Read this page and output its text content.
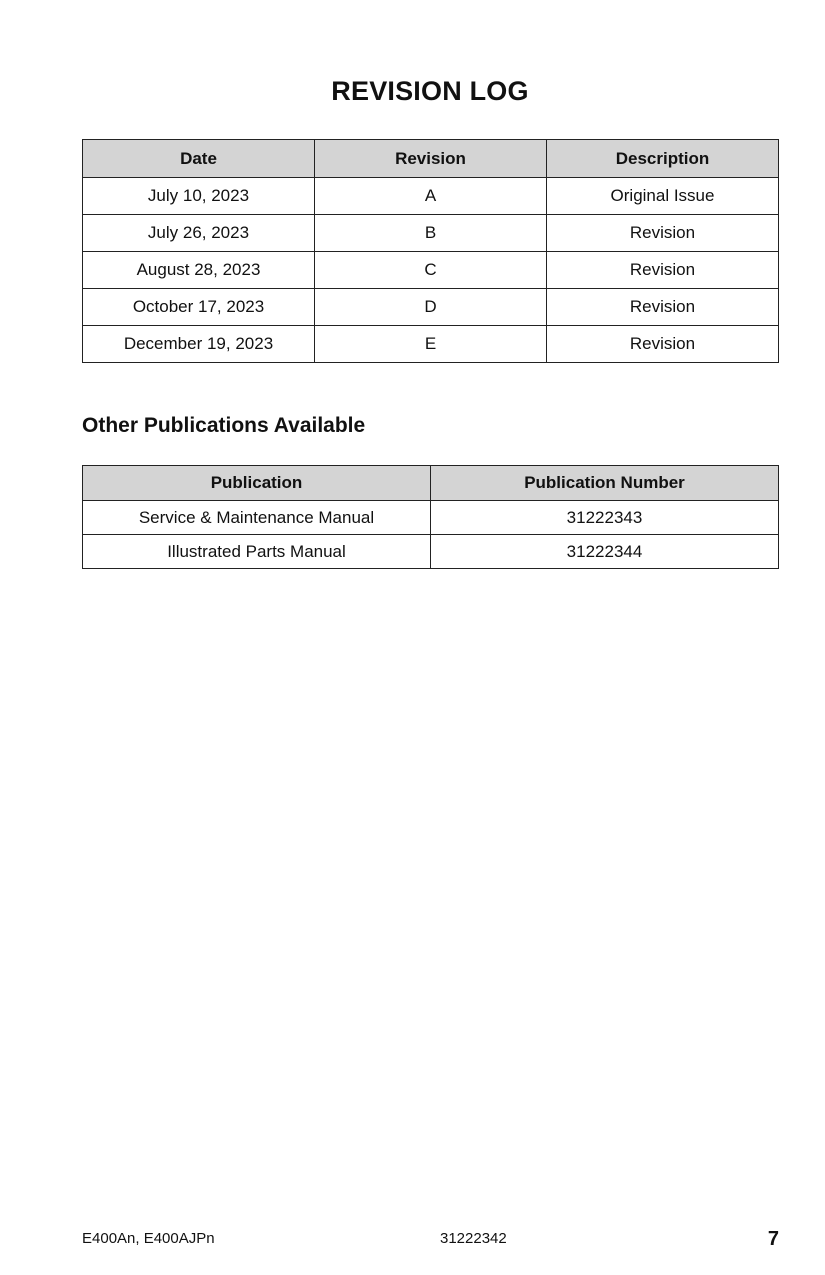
REVISION LOG
Date	Revision	Description
July 10, 2023	A	Original Issue
July 26, 2023	B	Revision
August 28, 2023	C	Revision
October 17, 2023	D	Revision
December 19, 2023	E	Revision
Other Publications Available
Publication	Publication Number
Service & Maintenance Manual	31222343
Illustrated Parts Manual	31222344
E400An, E400AJPn	31222342	7
